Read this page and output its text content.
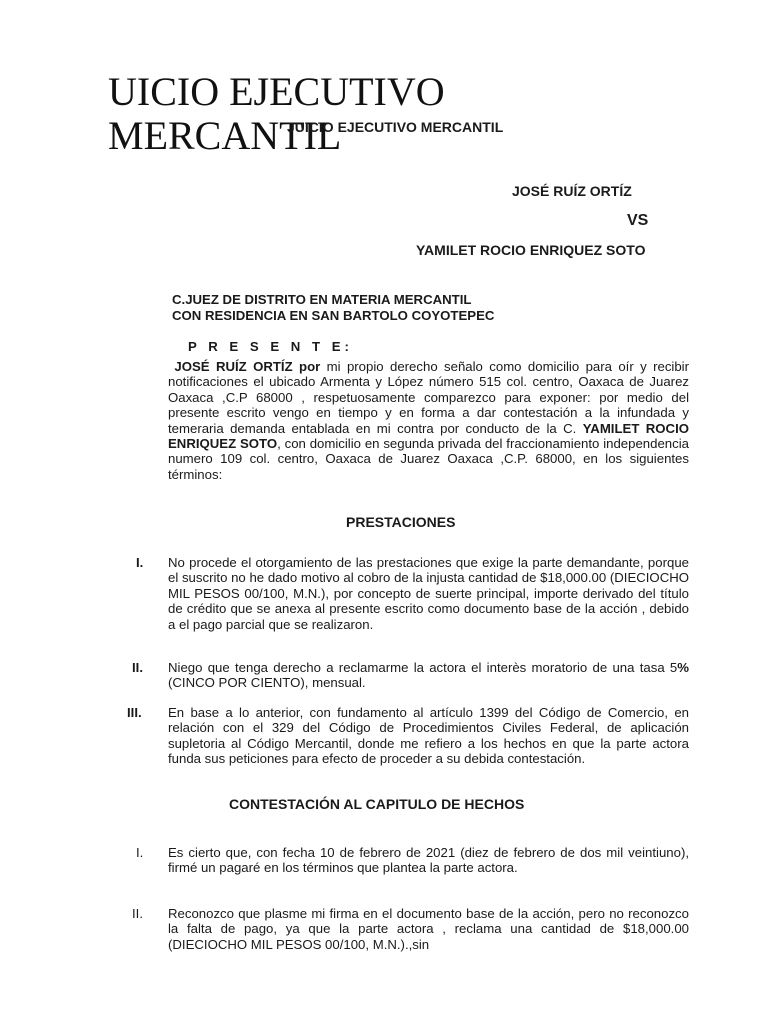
UICIO EJECUTIVO
MERCANTIL
JUICIO EJECUTIVO MERCANTIL
JOSÉ RUÍZ ORTÍZ
VS
YAMILET ROCIO ENRIQUEZ SOTO
C.JUEZ DE DISTRITO EN MATERIA MERCANTIL
CON RESIDENCIA EN SAN BARTOLO COYOTEPEC
P R E S E N T E:
JOSÉ RUÍZ ORTÍZ por mi propio derecho señalo como domicilio para oír y recibir notificaciones el ubicado Armenta y López número 515 col. centro, Oaxaca de Juarez Oaxaca ,C.P 68000 , respetuosamente comparezco para exponer: por medio del presente escrito vengo en tiempo y en forma a dar contestación a la infundada y temeraria demanda entablada en mi contra por conducto de la C. YAMILET ROCIO ENRIQUEZ SOTO, con domicilio en segunda privada del fraccionamiento independencia numero 109 col. centro, Oaxaca de Juarez Oaxaca ,C.P. 68000, en los siguientes términos:
PRESTACIONES
I. No procede el otorgamiento de las prestaciones que exige la parte demandante, porque el suscrito no he dado motivo al cobro de la injusta cantidad de $18,000.00 (DIECIOCHO MIL PESOS 00/100, M.N.), por concepto de suerte principal, importe derivado del título de crédito que se anexa al presente escrito como documento base de la acción , debido a el pago parcial que se realizaron.
II. Niego que tenga derecho a reclamarme la actora el interès moratorio de una tasa 5% (CINCO POR CIENTO), mensual.
III. En base a lo anterior, con fundamento al artículo 1399 del Código de Comercio, en relación con el 329 del Código de Procedimientos Civiles Federal, de aplicación supletoria al Código Mercantil, donde me refiero a los hechos en que la parte actora funda sus peticiones para efecto de proceder a su debida contestación.
CONTESTACIÓN AL CAPITULO DE HECHOS
I. Es cierto que, con fecha 10 de febrero de 2021 (diez de febrero de dos mil veintiuno), firmé un pagaré en los términos que plantea la parte actora.
II. Reconozco que plasme mi firma en el documento base de la acción, pero no reconozco la falta de pago, ya que la parte actora , reclama una cantidad de $18,000.00 (DIECIOCHO MIL PESOS 00/100, M.N.).,sin
